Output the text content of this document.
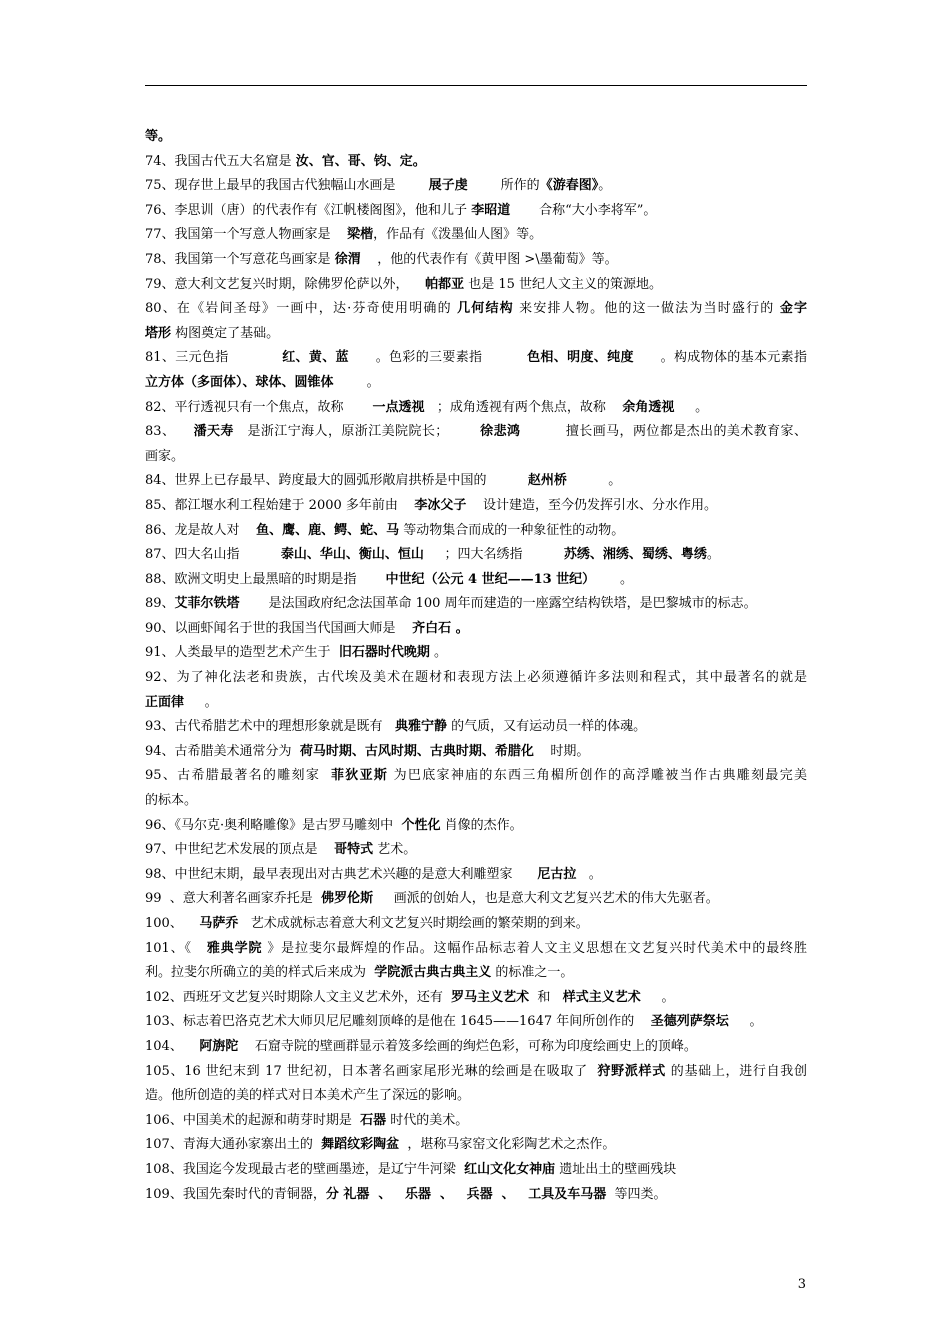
等。
74、我国古代五大名窟是 汝、官、哥、钧、定。
75、现存世上最早的我国古代独幅山水画是        展子虔        所作的《游春图》。
76、李思训（唐）的代表作有《江帆楼阁图》，他和儿子 李昭道       合称“大小李将军”。
77、我国第一个写意人物画家是    梁楷，作品有《泼墨仙人图》等。
78、我国第一个写意花鸟画家是 徐渭    ，他的代表作有《黄甲图 >\墨葡萄》等。
79、意大利文艺复兴时期，除佛罗伦萨以外，    帕都亚 也是 15 世纪人文主义的策源地。
80、在《岩间圣母》一画中，达·芬奇使用明确的 几何结构 来安排人物。他的这一做法为当时盛行的 金字
塔形 构图奠定了基础。
81、三元色指            红、黄、蓝      。色彩的三要素指          色相、明度、纯度      。构成物体的基本元素指
立方体（多面体）、球体、圆锥体        。
82、平行透视只有一个焦点，故称       一点透视   ；成角透视有两个焦点，故称    余角透视     。
83、    潘天寿   是浙江宁海人，原浙江美院院长；       徐悲鸿          擅长画马，两位都是杰出的美术教育家、
画家。
84、世界上已存最早、跨度最大的圆弧形敞肩拱桥是中国的          赵州桥          。
85、都江堰水利工程始建于 2000 多年前由    李冰父子    设计建造，至今仍发挥引水、分水作用。
86、龙是故人对    鱼、鹰、鹿、鳄、蛇、马 等动物集合而成的一种象征性的动物。
87、四大名山指          泰山、华山、衡山、恒山     ；四大名绣指          苏绣、湘绣、蜀绣、粤绣。
88、欧洲文明史上最黑暗的时期是指       中世纪（公元 4 世纪——13 世纪）      。
89、艾菲尔铁塔       是法国政府纪念法国革命 100 周年而建造的一座露空结构铁塔，是巴黎城市的标志。
90、以画虾闻名于世的我国当代国画大师是    齐白石 。
91、人类最早的造型艺术产生于  旧石器时代晚期 。
92、为了神化法老和贵族，古代埃及美术在题材和表现方法上必须遵循许多法则和程式，其中最著名的就是
正面律     。
93、古代希腊艺术中的理想形象就是既有   典雅宁静 的气质，又有运动员一样的体魂。
94、古希腊美术通常分为  荷马时期、古风时期、古典时期、希腊化    时期。
95、古希腊最著名的雕刻家  菲狄亚斯 为巴底家神庙的东西三角楣所创作的高浮雕被当作古典雕刻最完美
的标本。
96、《马尔克·奥利略雕像》是古罗马雕刻中  个性化 肖像的杰作。
97、中世纪艺术发展的顶点是    哥特式 艺术。
98、中世纪末期，最早表现出对古典艺术兴趣的是意大利雕塑家      尼古拉   。
99  、意大利著名画家乔托是  佛罗伦斯     画派的创始人，也是意大利文艺复兴艺术的伟大先驱者。
100、    马萨乔   艺术成就标志着意大利文艺复兴时期绘画的繁荣期的到来。
101、《   雅典学院 》是拉斐尔最辉煌的作品。这幅作品标志着人文主义思想在文艺复兴时代美术中的最终胜
利。拉斐尔所确立的美的样式后来成为  学院派古典古典主义 的标准之一。
102、西班牙文艺复兴时期除人文主义艺术外，还有  罗马主义艺术  和   样式主义艺术     。
103、标志着巴洛克艺术大师贝尼尼雕刻顶峰的是他在 1645——1647 年间所创作的    圣德列萨祭坛     。
104、    阿旃陀    石窟寺院的壁画群显示着笈多绘画的绚烂色彩，可称为印度绘画史上的顶峰。
105、16 世纪末到 17 世纪初，日本著名画家尾形光琳的绘画是在吸取了  狩野派样式 的基础上，进行自我创
造。他所创造的美的样式对日本美术产生了深远的影响。
106、中国美术的起源和萌芽时期是  石器 时代的美术。
107、青海大通孙家寨出土的  舞蹈纹彩陶盆  ，堪称马家窑文化彩陶艺术之杰作。
108、我国迄今发现最古老的壁画墨迹，是辽宁牛河梁  红山文化女神庙 遗址出土的壁画残块
109、我国先秦时代的青铜器，分 礼器  、   乐器  、   兵器  、   工具及车马器  等四类。
3
